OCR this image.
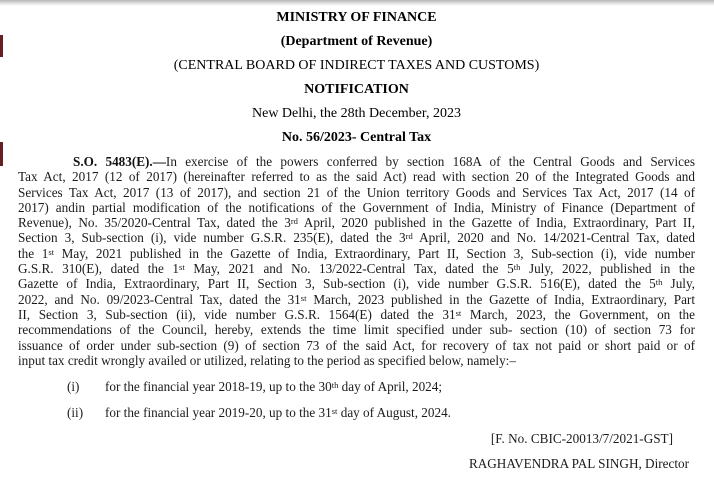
MINISTRY OF FINANCE
(Department of Revenue)
(CENTRAL BOARD OF INDIRECT TAXES AND CUSTOMS)
NOTIFICATION
New Delhi, the 28th December, 2023
No. 56/2023- Central Tax
S.O. 5483(E).—In exercise of the powers conferred by section 168A of the Central Goods and Services
Tax Act, 2017 (12 of 2017) (hereinafter referred to as the said Act) read with section 20 of the Integrated Goods and
Services Tax Act, 2017 (13 of 2017), and section 21 of the Union territory Goods and Services Tax Act, 2017 (14 of
2017) andin partial modification of the notifications of the Government of India, Ministry of Finance (Department of
Revenue), No. 35/2020-Central Tax, dated the 3rd April, 2020 published in the Gazette of India, Extraordinary, Part II,
Section 3, Sub-section (i), vide number G.S.R. 235(E), dated the 3rd April, 2020 and No. 14/2021-Central Tax, dated
the 1st May, 2021 published in the Gazette of India, Extraordinary, Part II, Section 3, Sub-section (i), vide number
G.S.R. 310(E), dated the 1st May, 2021 and No. 13/2022-Central Tax, dated the 5th July, 2022, published in the
Gazette of India, Extraordinary, Part II, Section 3, Sub-section (i), vide number G.S.R. 516(E), dated the 5th July,
2022, and No. 09/2023-Central Tax, dated the 31st March, 2023 published in the Gazette of India, Extraordinary, Part
II, Section 3, Sub-section (ii), vide number G.S.R. 1564(E) dated the 31st March, 2023, the Government, on the
recommendations of the Council, hereby, extends the time limit specified under sub- section (10) of section 73 for
issuance of order under sub-section (9) of section 73 of the said Act, for recovery of tax not paid or short paid or of
input tax credit wrongly availed or utilized, relating to the period as specified below, namely:–
(i) for the financial year 2018-19, up to the 30th day of April, 2024;
(ii) for the financial year 2019-20, up to the 31st day of August, 2024.
[F. No. CBIC-20013/7/2021-GST]
RAGHAVENDRA PAL SINGH, Director
